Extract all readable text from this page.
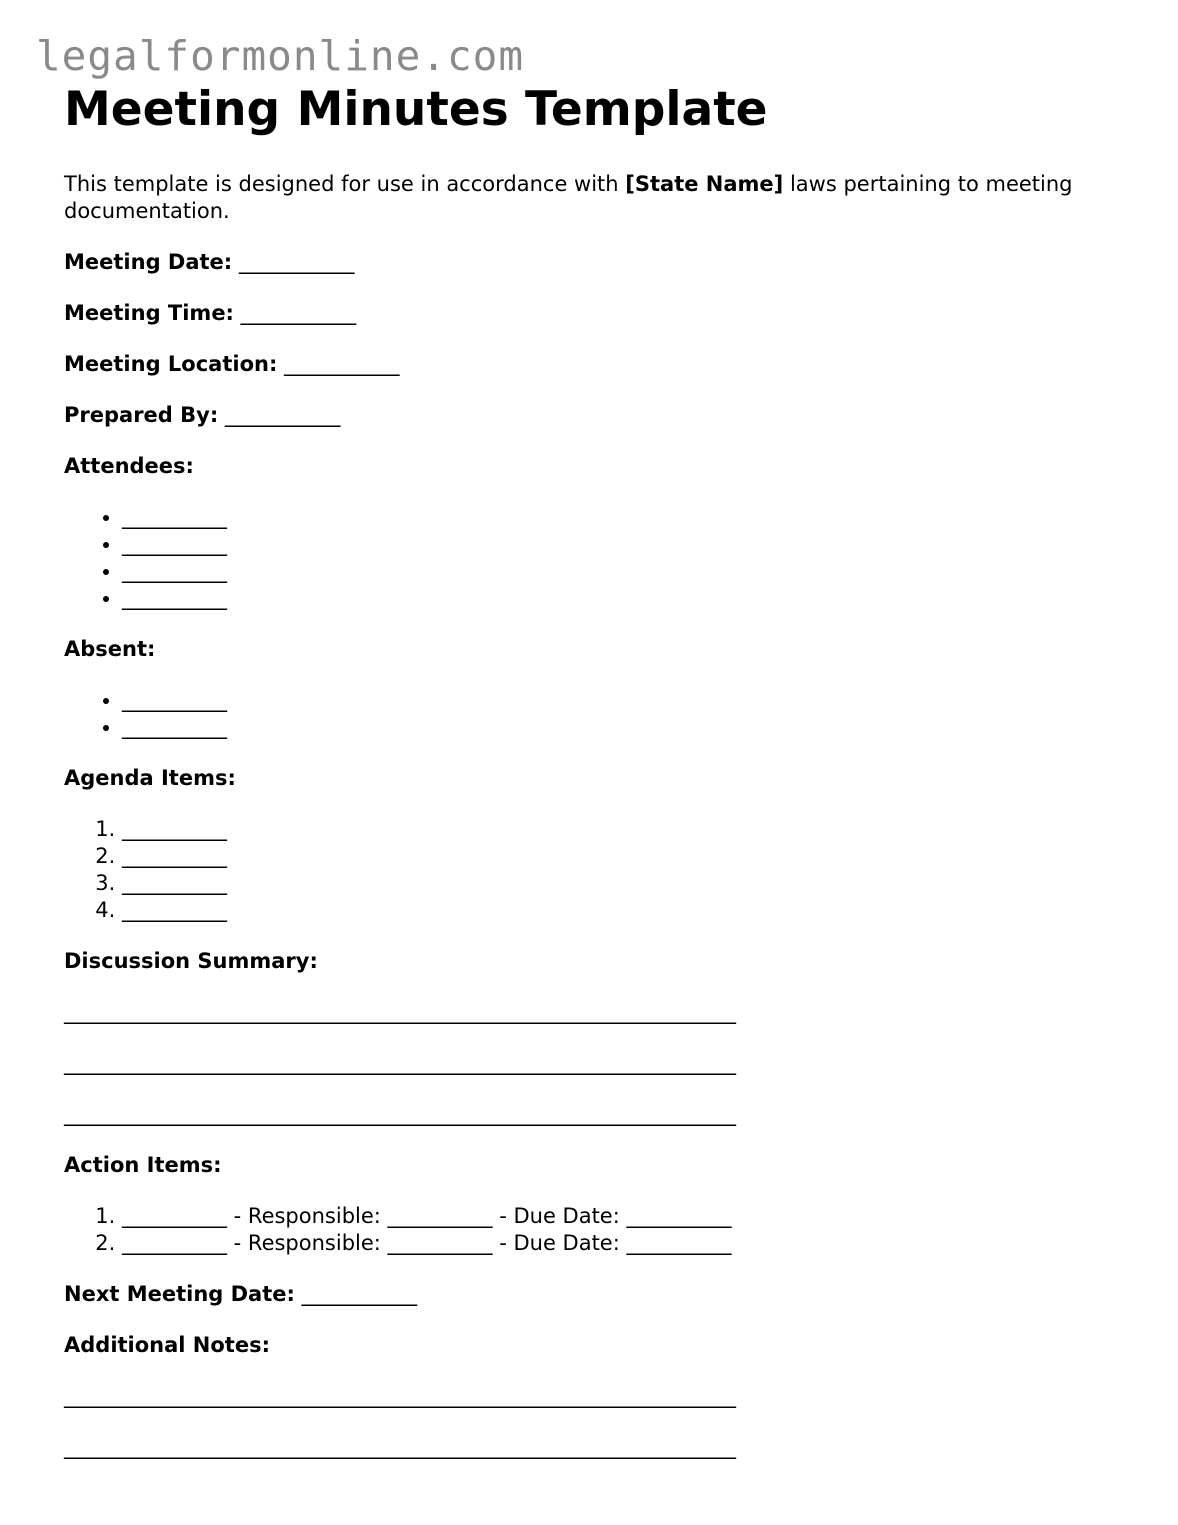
legalformonline.com
Meeting Minutes Template

This template is designed for use in accordance with [State Name] laws pertaining to meeting documentation.

Meeting Date: ___________
Meeting Time: ___________
Meeting Location: ___________
Prepared By: ___________
Attendees:
• __________
• __________
• __________
• __________
Absent:
• __________
• __________
Agenda Items:
1. __________
2. __________
3. __________
4. __________
Discussion Summary:
________________________________________________________________
________________________________________________________________
________________________________________________________________
Action Items:
1. __________ - Responsible: __________ - Due Date: __________
2. __________ - Responsible: __________ - Due Date: __________
Next Meeting Date: ___________
Additional Notes:
________________________________________________________________
________________________________________________________________
